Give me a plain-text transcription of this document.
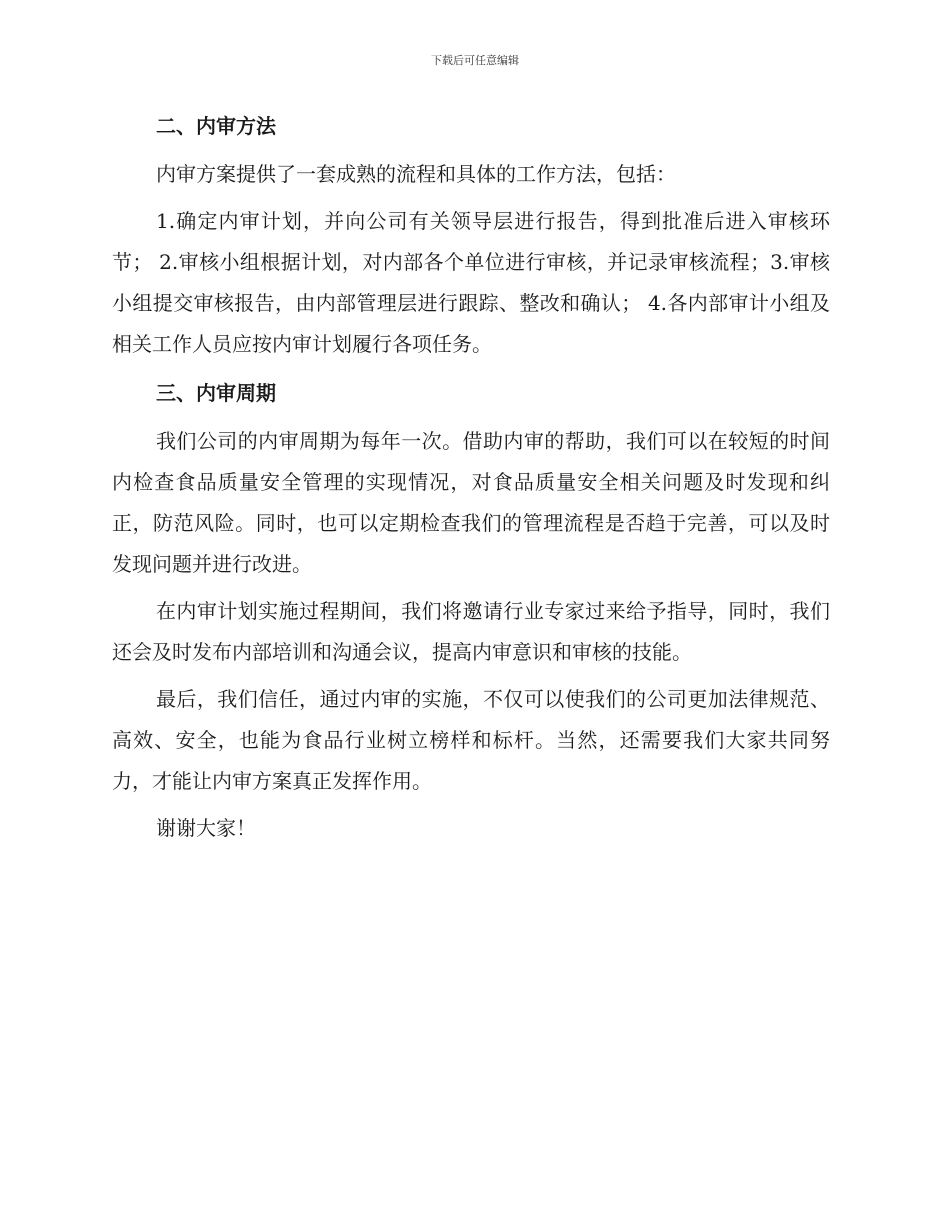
下载后可任意编辑
二、内审方法

内审方案提供了一套成熟的流程和具体的工作方法，包括：

1.确定内审计划，并向公司有关领导层进行报告，得到批准后进入审核环节； 2.审核小组根据计划，对内部各个单位进行审核，并记录审核流程；3.审核小组提交审核报告，由内部管理层进行跟踪、整改和确认； 4.各内部审计小组及相关工作人员应按内审计划履行各项任务。

三、内审周期

我们公司的内审周期为每年一次。借助内审的帮助，我们可以在较短的时间内检查食品质量安全管理的实现情况，对食品质量安全相关问题及时发现和纠正，防范风险。同时，也可以定期检查我们的管理流程是否趋于完善，可以及时发现问题并进行改进。

在内审计划实施过程期间，我们将邀请行业专家过来给予指导，同时，我们还会及时发布内部培训和沟通会议，提高内审意识和审核的技能。

最后，我们信任，通过内审的实施，不仅可以使我们的公司更加法律规范、高效、安全，也能为食品行业树立榜样和标杆。当然，还需要我们大家共同努力，才能让内审方案真正发挥作用。

谢谢大家！
